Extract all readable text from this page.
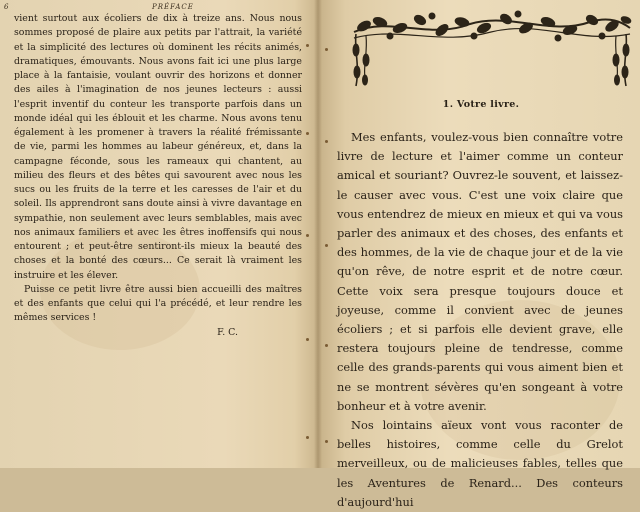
6	PRÉFACE

vient surtout aux écoliers de dix à treize ans. Nous nous sommes proposé de plaire aux petits par l'attrait, la variété et la simplicité des lectures où dominent les récits animés, dramatiques, émouvants. Nous avons fait ici une plus large place à la fantaisie, voulant ouvrir des horizons et donner des ailes à l'imagination de nos jeunes lecteurs : aussi l'esprit inventif du conteur les transporte parfois dans un monde idéal qui les éblouit et les charme. Nous avons tenu également à les promener à travers la réalité frémissante de vie, parmi les hommes au labeur généreux, et, dans la campagne féconde, sous les rameaux qui chantent, au milieu des fleurs et des bêtes qui savourent avec nous les sucs ou les fruits de la terre et les caresses de l'air et du soleil. Ils apprendront sans doute ainsi à vivre davantage en sympathie, non seulement avec leurs semblables, mais avec nos animaux familiers et avec les êtres inoffensifs qui nous entourent ; et peut-être sentiront-ils mieux la beauté des choses et la bonté des cœurs... Ce serait là vraiment les instruire et les élever.

Puisse ce petit livre être aussi bien accueilli des maîtres et des enfants que celui qui l'a précédé, et leur rendre les mêmes services !

F. C.
1. Votre livre.

Mes enfants, voulez-vous bien connaître votre livre de lecture et l'aimer comme un conteur amical et souriant? Ouvrez-le souvent, et laissez-le causer avec vous. C'est une voix claire que vous entendrez de mieux en mieux et qui va vous parler des animaux et des choses, des enfants et des hommes, de la vie de chaque jour et de la vie qu'on rêve, de notre esprit et de notre cœur. Cette voix sera presque toujours douce et joyeuse, comme il convient avec de jeunes écoliers ; et si parfois elle devient grave, elle restera toujours pleine de tendresse, comme celle des grands-parents qui vous aiment bien et ne se montrent sévères qu'en songeant à votre bonheur et à votre avenir.

Nos lointains aïeux vont vous raconter de belles histoires, comme celle du Grelot merveilleux, ou de malicieuses fables, telles que les Aventures de Renard... Des conteurs d'aujourd'hui
